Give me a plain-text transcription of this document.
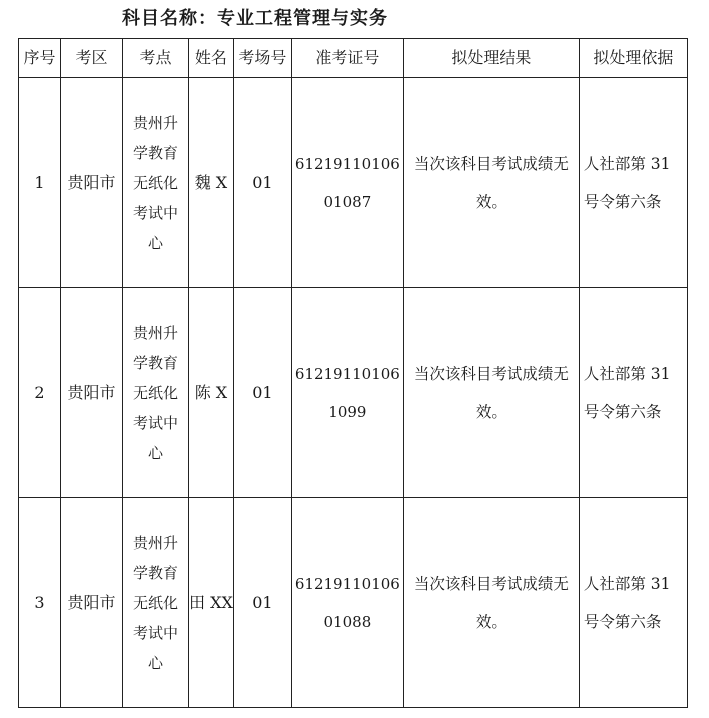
科目名称：专业工程管理与实务
序号	考区	考点	姓名	考场号	准考证号	拟处理结果	拟处理依据
1	贵阳市	贵州升学教育无纸化考试中心	魏 X	01	6121911010601087	当次该科目考试成绩无效。	人社部第 31 号令第六条
2	贵阳市	贵州升学教育无纸化考试中心	陈 X	01	612191101061099	当次该科目考试成绩无效。	人社部第 31 号令第六条
3	贵阳市	贵州升学教育无纸化考试中心	田 XX	01	6121911010601088	当次该科目考试成绩无效。	人社部第 31 号令第六条
